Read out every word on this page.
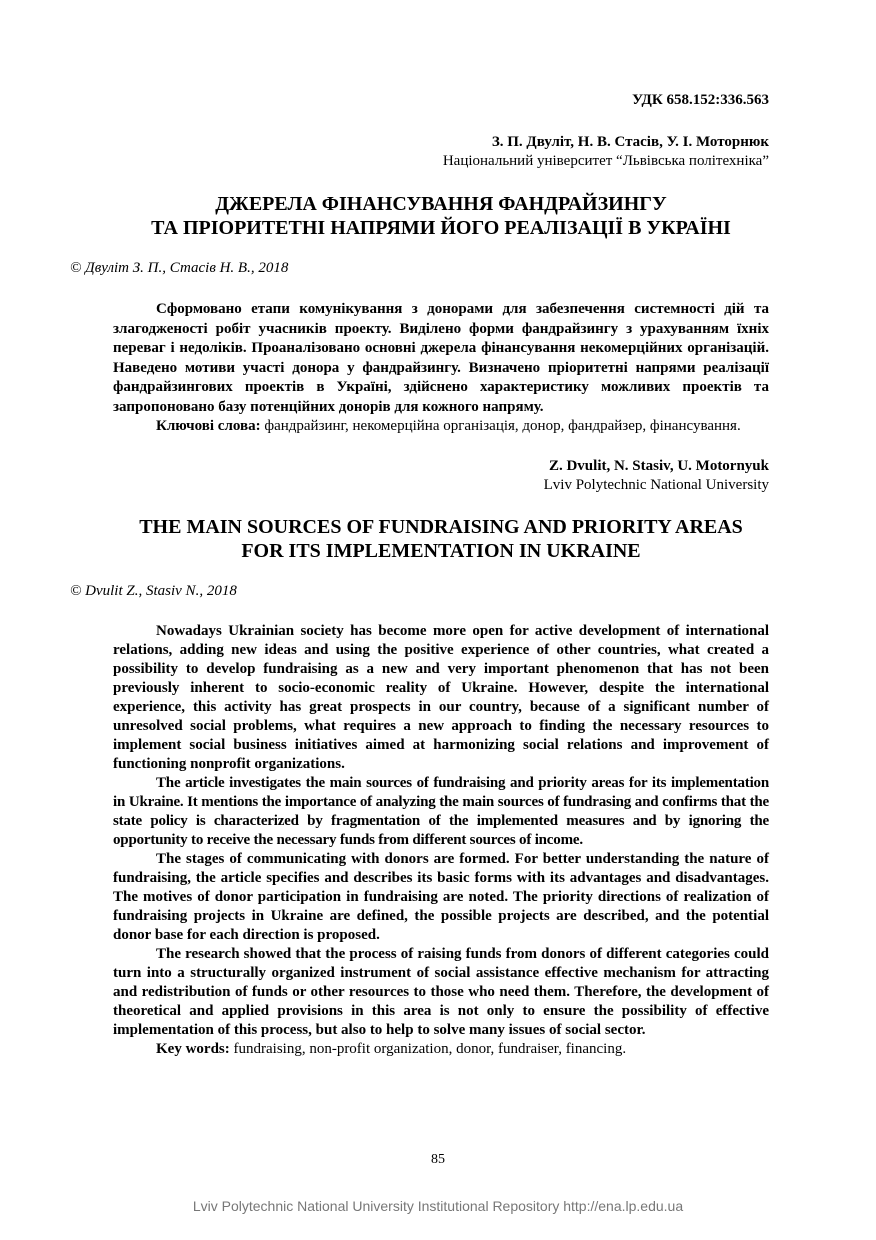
УДК 658.152:336.563
З. П. Двуліт, Н. В. Стасів, У. І. Моторнюк
Національний університет “Львівська політехніка”
ДЖЕРЕЛА ФІНАНСУВАННЯ ФАНДРАЙЗИНГУ
ТА ПРІОРИТЕТНІ НАПРЯМИ ЙОГО РЕАЛІЗАЦІЇ В УКРАЇНІ
© Двуліт З. П., Стасів Н. В., 2018

Сформовано етапи комунікування з донорами для забезпечення системності дій та злагодженості робіт учасників проекту. Виділено форми фандрайзингу з урахуванням їхніх переваг і недоліків. Проаналізовано основні джерела фінансування некомерційних організацій. Наведено мотиви участі донора у фандрайзингу. Визначено пріоритетні напрями реалізації фандрайзингових проектів в Україні, здійснено характеристику можливих проектів та запропоновано базу потенційних донорів для кожного напряму.

Ключові слова: фандрайзинг, некомерційна організація, донор, фандрайзер, фінансування.

Z. Dvulit, N. Stasiv, U. Motornyuk
Lviv Polytechnic National University
THE MAIN SOURCES OF FUNDRAISING AND PRIORITY AREAS
FOR ITS IMPLEMENTATION IN UKRAINE
© Dvulit Z., Stasiv N., 2018

Nowadays Ukrainian society has become more open for active development of international relations, adding new ideas and using the positive experience of other countries, what created a possibility to develop fundraising as a new and very important phenomenon that has not been previously inherent to socio-economic reality of Ukraine. However, despite the international experience, this activity has great prospects in our country, because of a significant number of unresolved social problems, what requires a new approach to finding the necessary resources to implement social business initiatives aimed at harmonizing social relations and improvement of functioning nonprofit organizations.

The article investigates the main sources of fundraising and priority areas for its implementation in Ukraine. It mentions the importance of analyzing the main sources of fundrasing and confirms that the state policy is characterized by fragmentation of the implemented measures and by ignoring the opportunity to receive the necessary funds from different sources of income.

The stages of communicating with donors are formed. For better understanding the nature of fundraising, the article specifies and describes its basic forms with its advantages and disadvantages. The motives of donor participation in fundraising are noted. The priority directions of realization of fundraising projects in Ukraine are defined, the possible projects are described, and the potential donor base for each direction is proposed.

The research showed that the process of raising funds from donors of different categories could turn into a structurally organized instrument of social assistance effective mechanism for attracting and redistribution of funds or other resources to those who need them. Therefore, the development of theoretical and applied provisions in this area is not only to ensure the possibility of effective implementation of this process, but also to help to solve many issues of social sector.

Key words: fundraising, non-profit organization, donor, fundraiser, financing.

85
Lviv Polytechnic National University Institutional Repository http://ena.lp.edu.ua
